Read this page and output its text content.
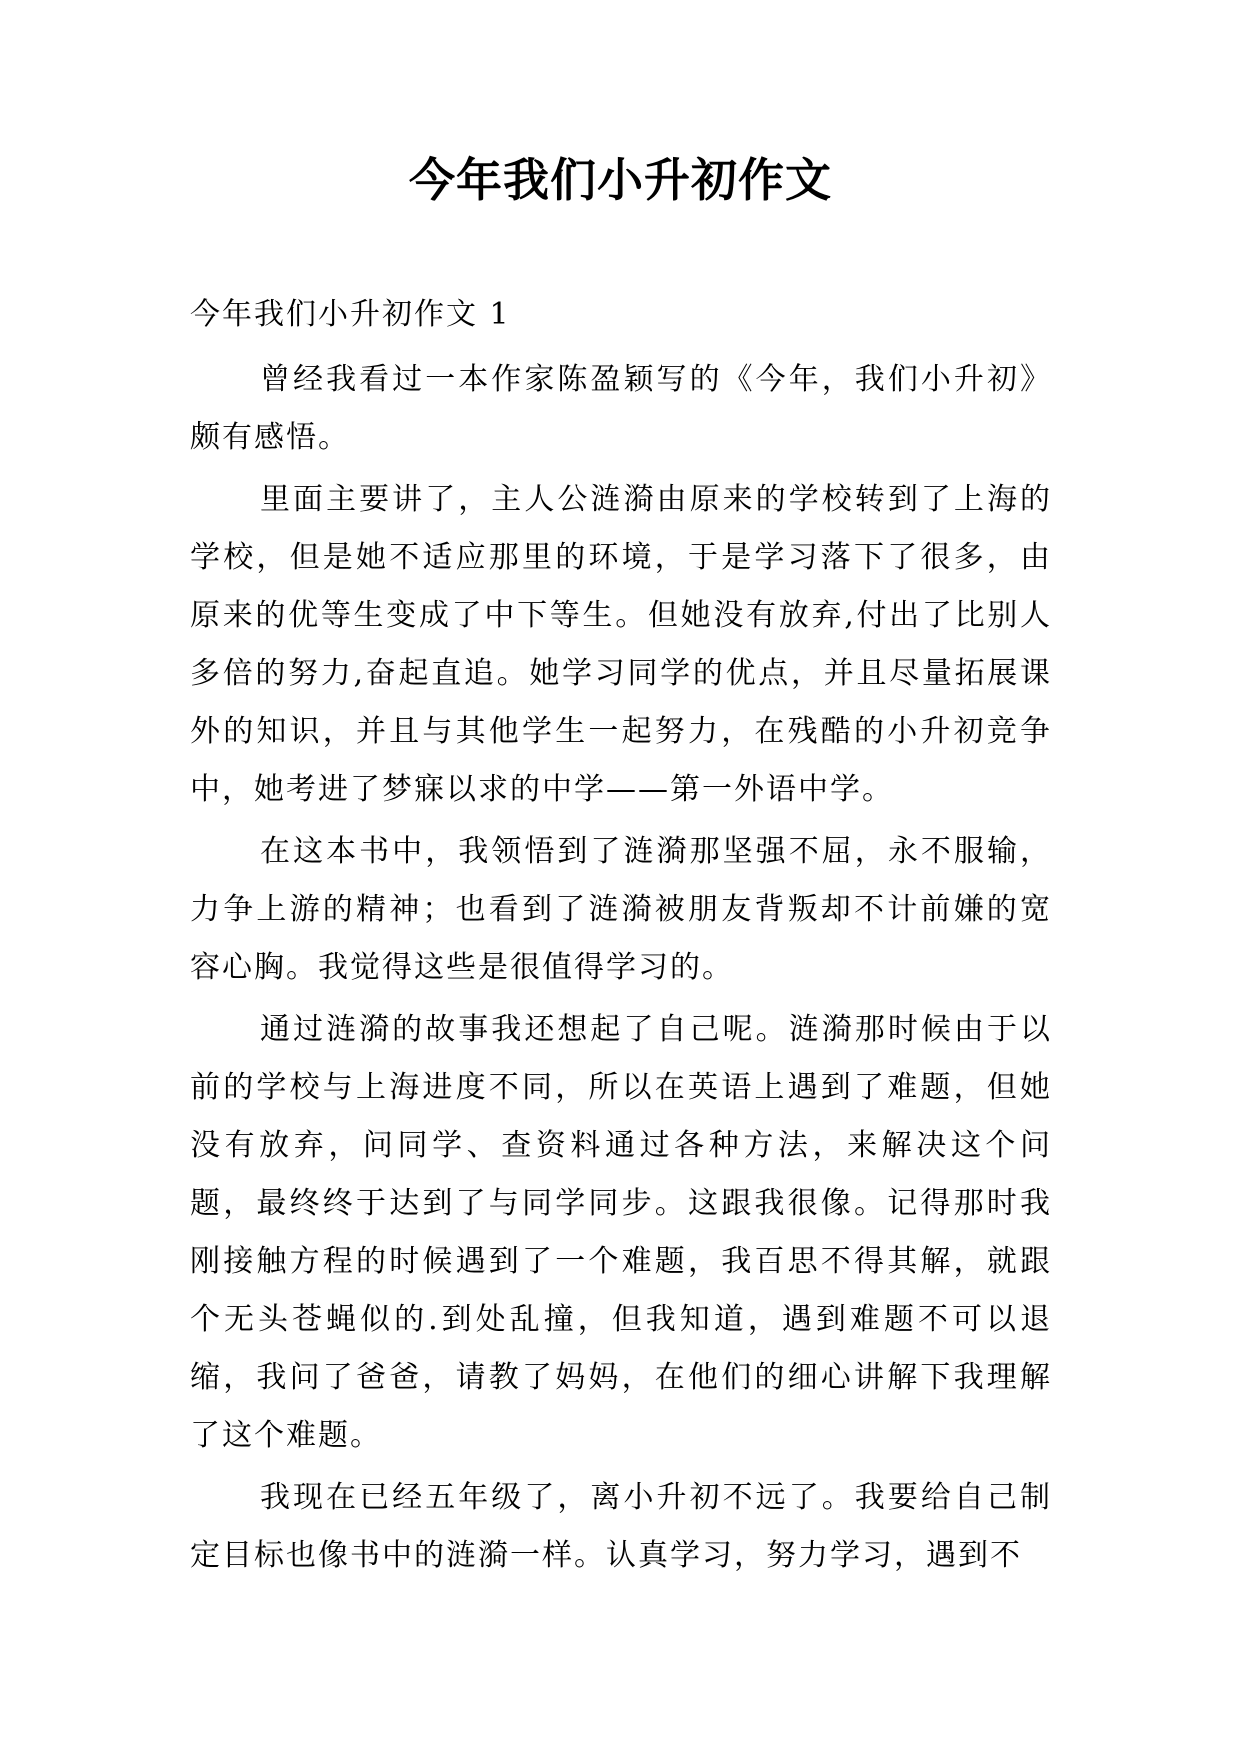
今年我们小升初作文

今年我们小升初作文 1

曾经我看过一本作家陈盈颖写的《今年，我们小升初》颇有感悟。

里面主要讲了，主人公涟漪由原来的学校转到了上海的学校，但是她不适应那里的环境，于是学习落下了很多，由原来的优等生变成了中下等生。但她没有放弃,付出了比别人多倍的努力,奋起直追。她学习同学的优点，并且尽量拓展课外的知识，并且与其他学生一起努力，在残酷的小升初竞争中，她考进了梦寐以求的中学——第一外语中学。

在这本书中，我领悟到了涟漪那坚强不屈，永不服输，力争上游的精神；也看到了涟漪被朋友背叛却不计前嫌的宽容心胸。我觉得这些是很值得学习的。

通过涟漪的故事我还想起了自己呢。涟漪那时候由于以前的学校与上海进度不同，所以在英语上遇到了难题，但她没有放弃，问同学、查资料通过各种方法，来解决这个问题，最终终于达到了与同学同步。这跟我很像。记得那时我刚接触方程的时候遇到了一个难题，我百思不得其解，就跟个无头苍蝇似的.到处乱撞，但我知道，遇到难题不可以退缩，我问了爸爸，请教了妈妈，在他们的细心讲解下我理解了这个难题。

我现在已经五年级了，离小升初不远了。我要给自己制定目标也像书中的涟漪一样。认真学习，努力学习，遇到不
